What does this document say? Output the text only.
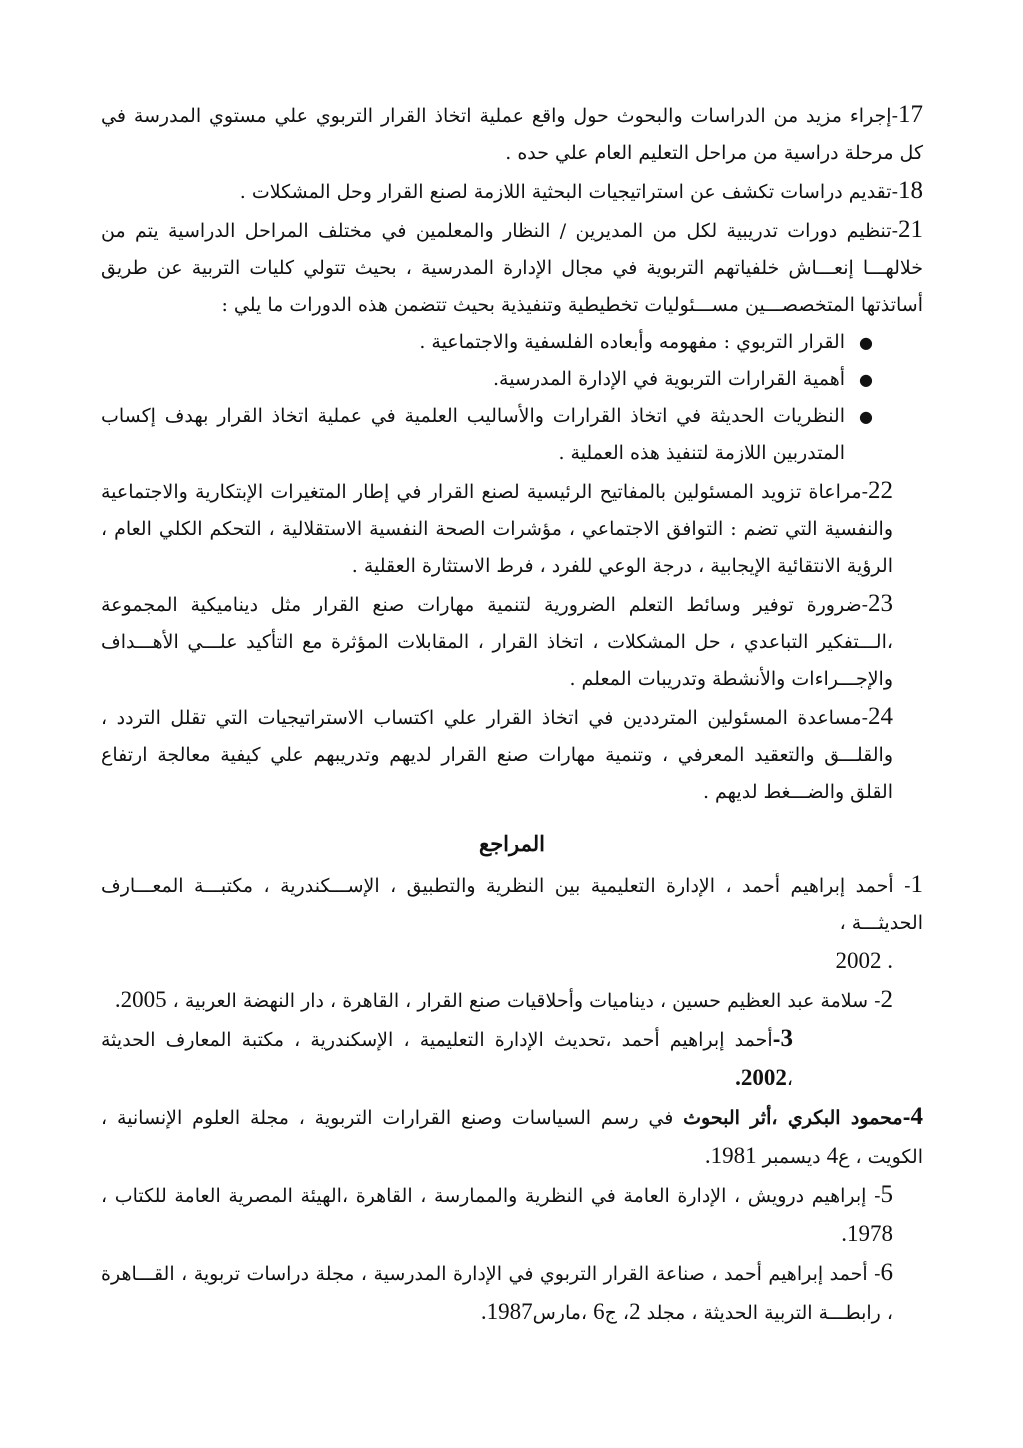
17-إجراء مزيد من الدراسات والبحوث حول واقع عملية اتخاذ القرار التربوي علي مستوي المدرسة في كل مرحلة دراسية من مراحل التعليم العام علي حده .

18-تقديم دراسات تكشف عن استراتيجيات البحثية اللازمة لصنع القرار وحل المشكلات .

21-تنظيم دورات تدريبية لكل من المديرين / النظار والمعلمين في مختلف المراحل الدراسية يتم من خلالهـــا إنعـــاش خلفياتهم التربوية في مجال الإدارة المدرسية ، بحيث تتولي كليات التربية عن طريق أساتذتها المتخصصـــين مســـئوليات تخطيطية وتنفيذية بحيث تتضمن هذه الدورات ما يلي :

●
القرار التربوي : مفهومه وأبعاده الفلسفية والاجتماعية .
●
أهمية القرارات التربوية في الإدارة المدرسية.
●
النظريات الحديثة في اتخاذ القرارات والأساليب العلمية في عملية اتخاذ القرار بهدف إكساب المتدربين اللازمة لتنفيذ هذه العملية .

22-مراعاة تزويد المسئولين بالمفاتيح الرئيسية لصنع القرار في إطار المتغيرات الإبتكارية والاجتماعية والنفسية التي تضم : التوافق الاجتماعي ، مؤشرات الصحة النفسية الاستقلالية ، التحكم الكلي العام ، الرؤية الانتقائية الإيجابية ، درجة الوعي للفرد ، فرط الاستثارة العقلية .

23-ضرورة توفير وسائط التعلم الضرورية لتنمية مهارات صنع القرار مثل ديناميكية المجموعة ،الـــتفكير التباعدي ، حل المشكلات ، اتخاذ القرار ، المقابلات المؤثرة مع التأكيد علـــي الأهـــداف والإجـــراءات والأنشطة وتدريبات المعلم .

24-مساعدة المسئولين المترددين في اتخاذ القرار علي اكتساب الاستراتيجيات التي تقلل التردد ، والقلـــق والتعقيد المعرفي ، وتنمية مهارات صنع القرار لديهم وتدريبهم علي كيفية معالجة ارتفاع القلق والضـــغط لديهم .

المراجع

1- أحمد إبراهيم أحمد ، الإدارة التعليمية بين النظرية والتطبيق ، الإســـكندرية ، مكتبـــة المعـــارف الحديثـــة ،
. 2002

2- سلامة عبد العظيم حسين ، ديناميات وأحلاقيات صنع القرار ، القاهرة ، دار النهضة العربية ، 2005.

3-أحمد إبراهيم أحمد ،تحديث الإدارة التعليمية ، الإسكندرية ، مكتبة المعارف الحديثة ،2002.

4-محمود البكري ،أثر البحوث في رسم السياسات وصنع القرارات التربوية ، مجلة العلوم الإنسانية ، الكويت ، ع4 ديسمبر 1981.

5- إبراهيم درويش ، الإدارة العامة في النظرية والممارسة ، القاهرة ،الهيئة المصرية العامة للكتاب ، 1978.

6- أحمد إبراهيم أحمد ، صناعة القرار التربوي في الإدارة المدرسية ، مجلة دراسات تربوية ، القـــاهرة ، رابطـــة التربية الحديثة ، مجلد 2، ج6 ،مارس1987.
